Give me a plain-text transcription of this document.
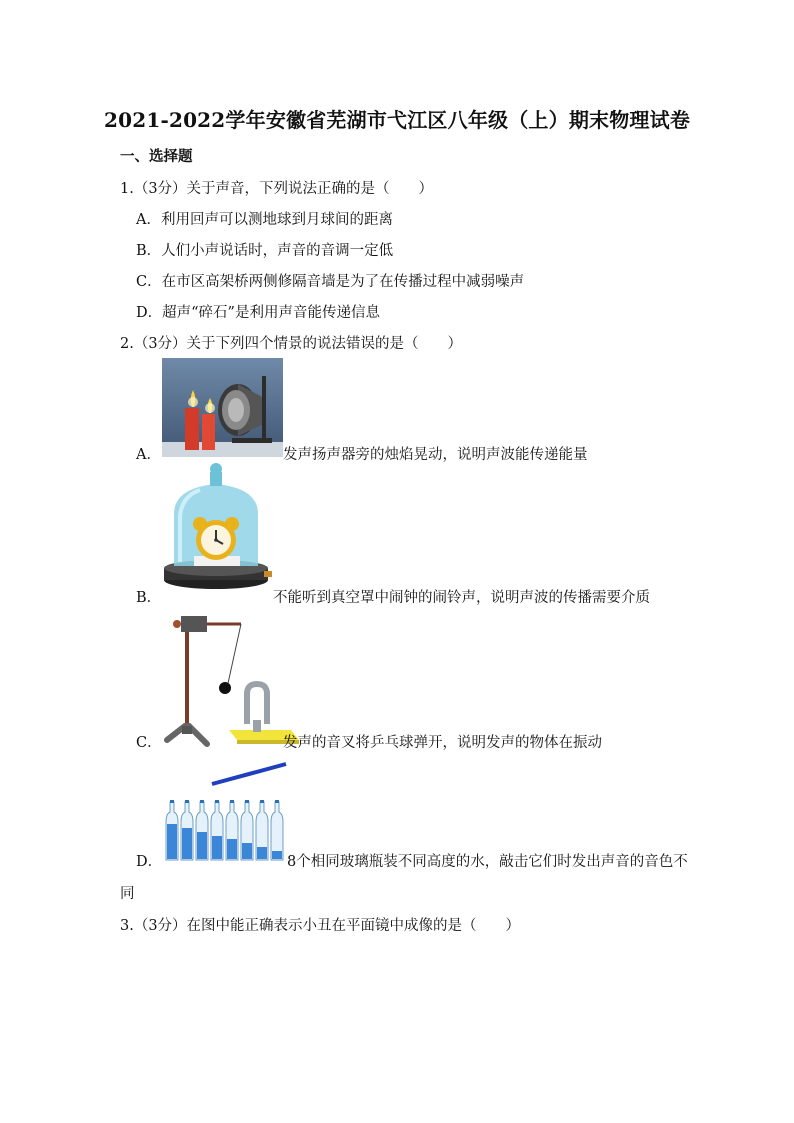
2021-2022学年安徽省芜湖市弋江区八年级（上）期末物理试卷
一、选择题
1.（3分）关于声音，下列说法正确的是（　　）
A．利用回声可以测地球到月球间的距离
B．人们小声说话时，声音的音调一定低
C．在市区高架桥两侧修隔音墙是为了在传播过程中减弱噪声
D．超声“碎石”是利用声音能传递信息
2.（3分）关于下列四个情景的说法错误的是（　　）
A．	发声扬声器旁的烛焰晃动，说明声波能传递能量
B．	不能听到真空罩中闹钟的闹铃声，说明声波的传播需要介质
C．	发声的音叉将乒乓球弹开，说明发声的物体在振动
D．	8个相同玻璃瓶装不同高度的水，敲击它们时发出声音的音色不
同
3.（3分）在图中能正确表示小丑在平面镜中成像的是（　　）
